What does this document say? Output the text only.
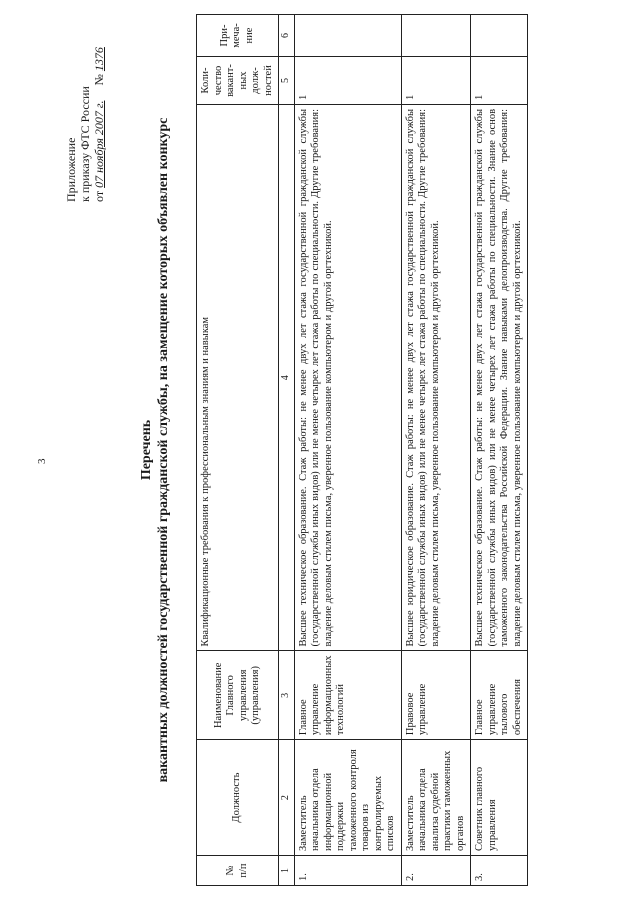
3
Приложение к приказу ФТС России от 07 ноября 2007 г.     № 1376
Перечень вакантных должностей государственной гражданской службы, на замещение которых объявлен конкурс
№ п/п	Должность	Наименование Главного управления (управления)	Квалификационные требования к профессиональным знаниям и навыкам	Коли-чество вакант-ных долж-ностей	При-меча-ние
1	2	3	4	5	6
1.	Заместитель начальника отдела информационной поддержки таможенного контроля товаров из контролируемых списков	Главное управление информационных технологий	Высшее техническое образование. Стаж работы: не менее двух лет стажа государственной гражданской службы (государственной службы иных видов) или не менее четырех лет стажа работы по специальности. Другие требования: владение деловым стилем письма, уверенное пользование компьютером и другой оргтехникой.	1	
2.	Заместитель начальника отдела анализа судебной практики таможенных органов	Правовое управление	Высшее юридическое образование. Стаж работы: не менее двух лет стажа государственной гражданской службы (государственной службы иных видов) или не менее четырех лет стажа работы по специальности. Другие требования: владение деловым стилем письма, уверенное пользование компьютером и другой оргтехникой.	1	
3.	Советник главного управления	Главное управление тылового обеспечения	Высшее техническое образование. Стаж работы: не менее двух лет стажа государственной гражданской службы (государственной службы иных видов) или не менее четырех лет стажа работы по специальности. Знание основ таможенного законодательства Российской Федерации. Знание навыками делопроизводства. Другие требования: владение деловым стилем письма, уверенное пользование компьютером и другой оргтехникой.	1	
